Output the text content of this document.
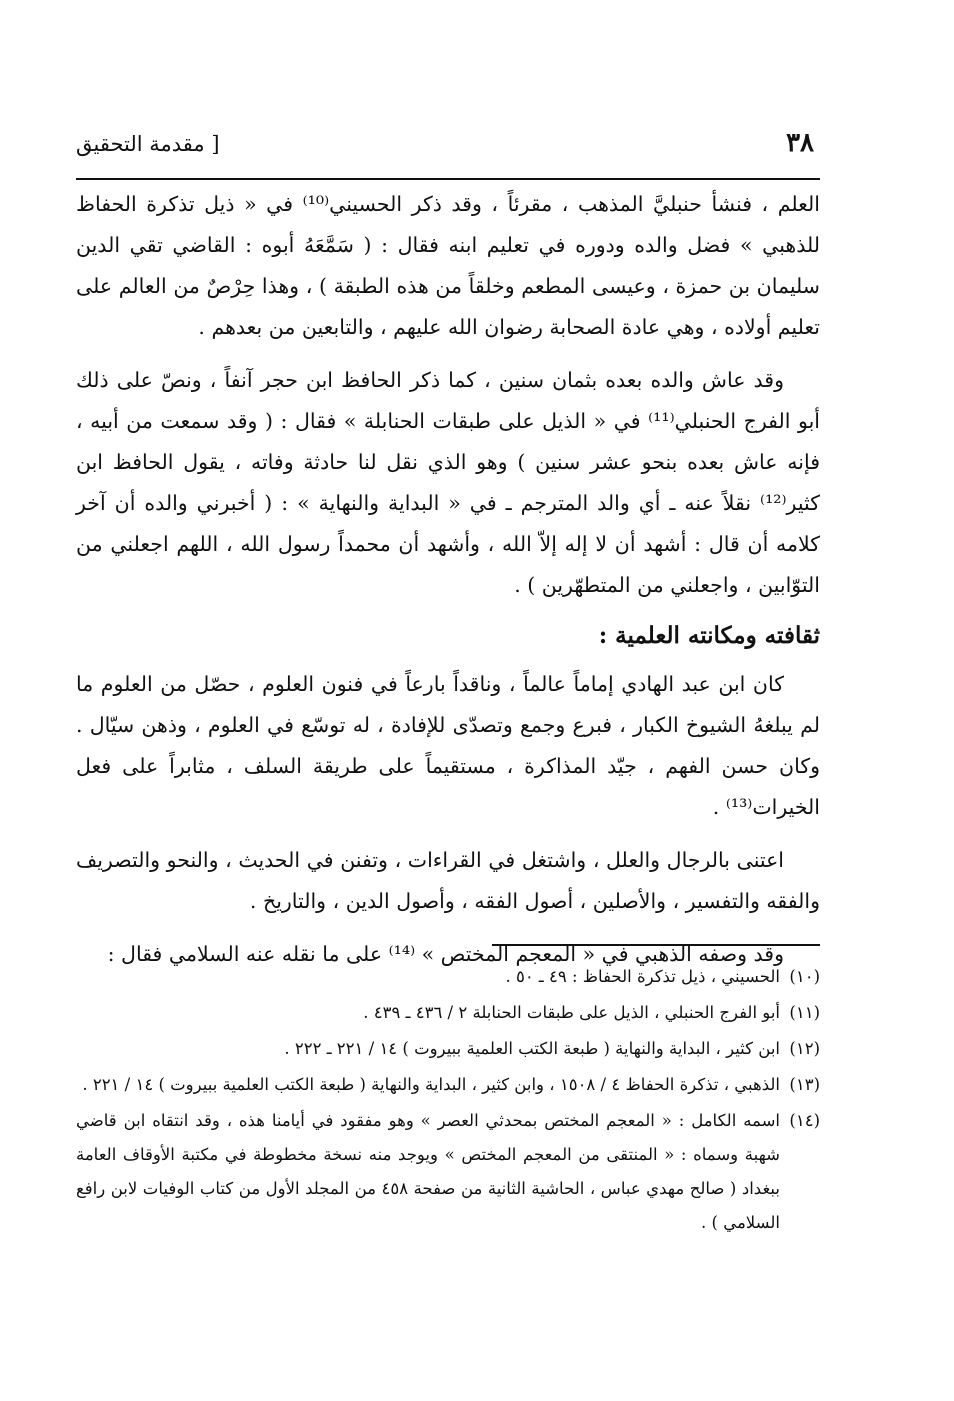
٣٨
[ مقدمة التحقيق

العلم ، فنشأ حنبليَّ المذهب ، مقرئاً ، وقد ذكر الحسيني⁽¹⁰⁾ في « ذيل تذكرة الحفاظ للذهبي » فضل والده ودوره في تعليم ابنه فقال : ( سَمَّعَهُ أبوه : القاضي تقي الدين سليمان بن حمزة ، وعيسى المطعم وخلقاً من هذه الطبقة ) ، وهذا حِرْصٌ من العالم على تعليم أولاده ، وهي عادة الصحابة رضوان الله عليهم ، والتابعين من بعدهم .

وقد عاش والده بعده بثمان سنين ، كما ذكر الحافظ ابن حجر آنفاً ، ونصّ على ذلك أبو الفرج الحنبلي⁽¹¹⁾ في « الذيل على طبقات الحنابلة » فقال : ( وقد سمعت من أبيه ، فإنه عاش بعده بنحو عشر سنين ) وهو الذي نقل لنا حادثة وفاته ، يقول الحافظ ابن كثير⁽¹²⁾ نقلاً عنه ـ أي والد المترجم ـ في « البداية والنهاية » : ( أخبرني والده أن آخر كلامه أن قال : أشهد أن لا إله إلاّ الله ، وأشهد أن محمداً رسول الله ، اللهم اجعلني من التوّابين ، واجعلني من المتطهّرين ) .

ثقافته ومكانته العلمية :

كان ابن عبد الهادي إماماً عالماً ، وناقداً بارعاً في فنون العلوم ، حصّل من العلوم ما لم يبلغهُ الشيوخ الكبار ، فبرع وجمع وتصدّى للإفادة ، له توسّع في العلوم ، وذهن سيّال . وكان حسن الفهم ، جيّد المذاكرة ، مستقيماً على طريقة السلف ، مثابراً على فعل الخيرات⁽¹³⁾ .

اعتنى بالرجال والعلل ، واشتغل في القراءات ، وتفنن في الحديث ، والنحو والتصريف والفقه والتفسير ، والأصلين ، أصول الفقه ، وأصول الدين ، والتاريخ .

وقد وصفه الذهبي في « المعجم المختص » ⁽¹⁴⁾ على ما نقله عنه السلامي فقال :

(١٠)الحسيني ، ذيل تذكرة الحفاظ : ٤٩ ـ ٥٠ .

(١١)أبو الفرج الحنبلي ، الذيل على طبقات الحنابلة ٢ / ٤٣٦ ـ ٤٣٩ .

(١٢)ابن كثير ، البداية والنهاية ( طبعة الكتب العلمية ببيروت ) ١٤ / ٢٢١ ـ ٢٢٢ .

(١٣)الذهبي ، تذكرة الحفاظ ٤ / ١٥٠٨ ، وابن كثير ، البداية والنهاية ( طبعة الكتب العلمية ببيروت ) ١٤ / ٢٢١ .

(١٤)اسمه الكامل : « المعجم المختص بمحدثي العصر » وهو مفقود في أيامنا هذه ، وقد انتقاه ابن قاضي شهبة وسماه : « المنتقى من المعجم المختص » ويوجد منه نسخة مخطوطة في مكتبة الأوقاف العامة ببغداد ( صالح مهدي عباس ، الحاشية الثانية من صفحة ٤٥٨ من المجلد الأول من كتاب الوفيات لابن رافع السلامي ) .
